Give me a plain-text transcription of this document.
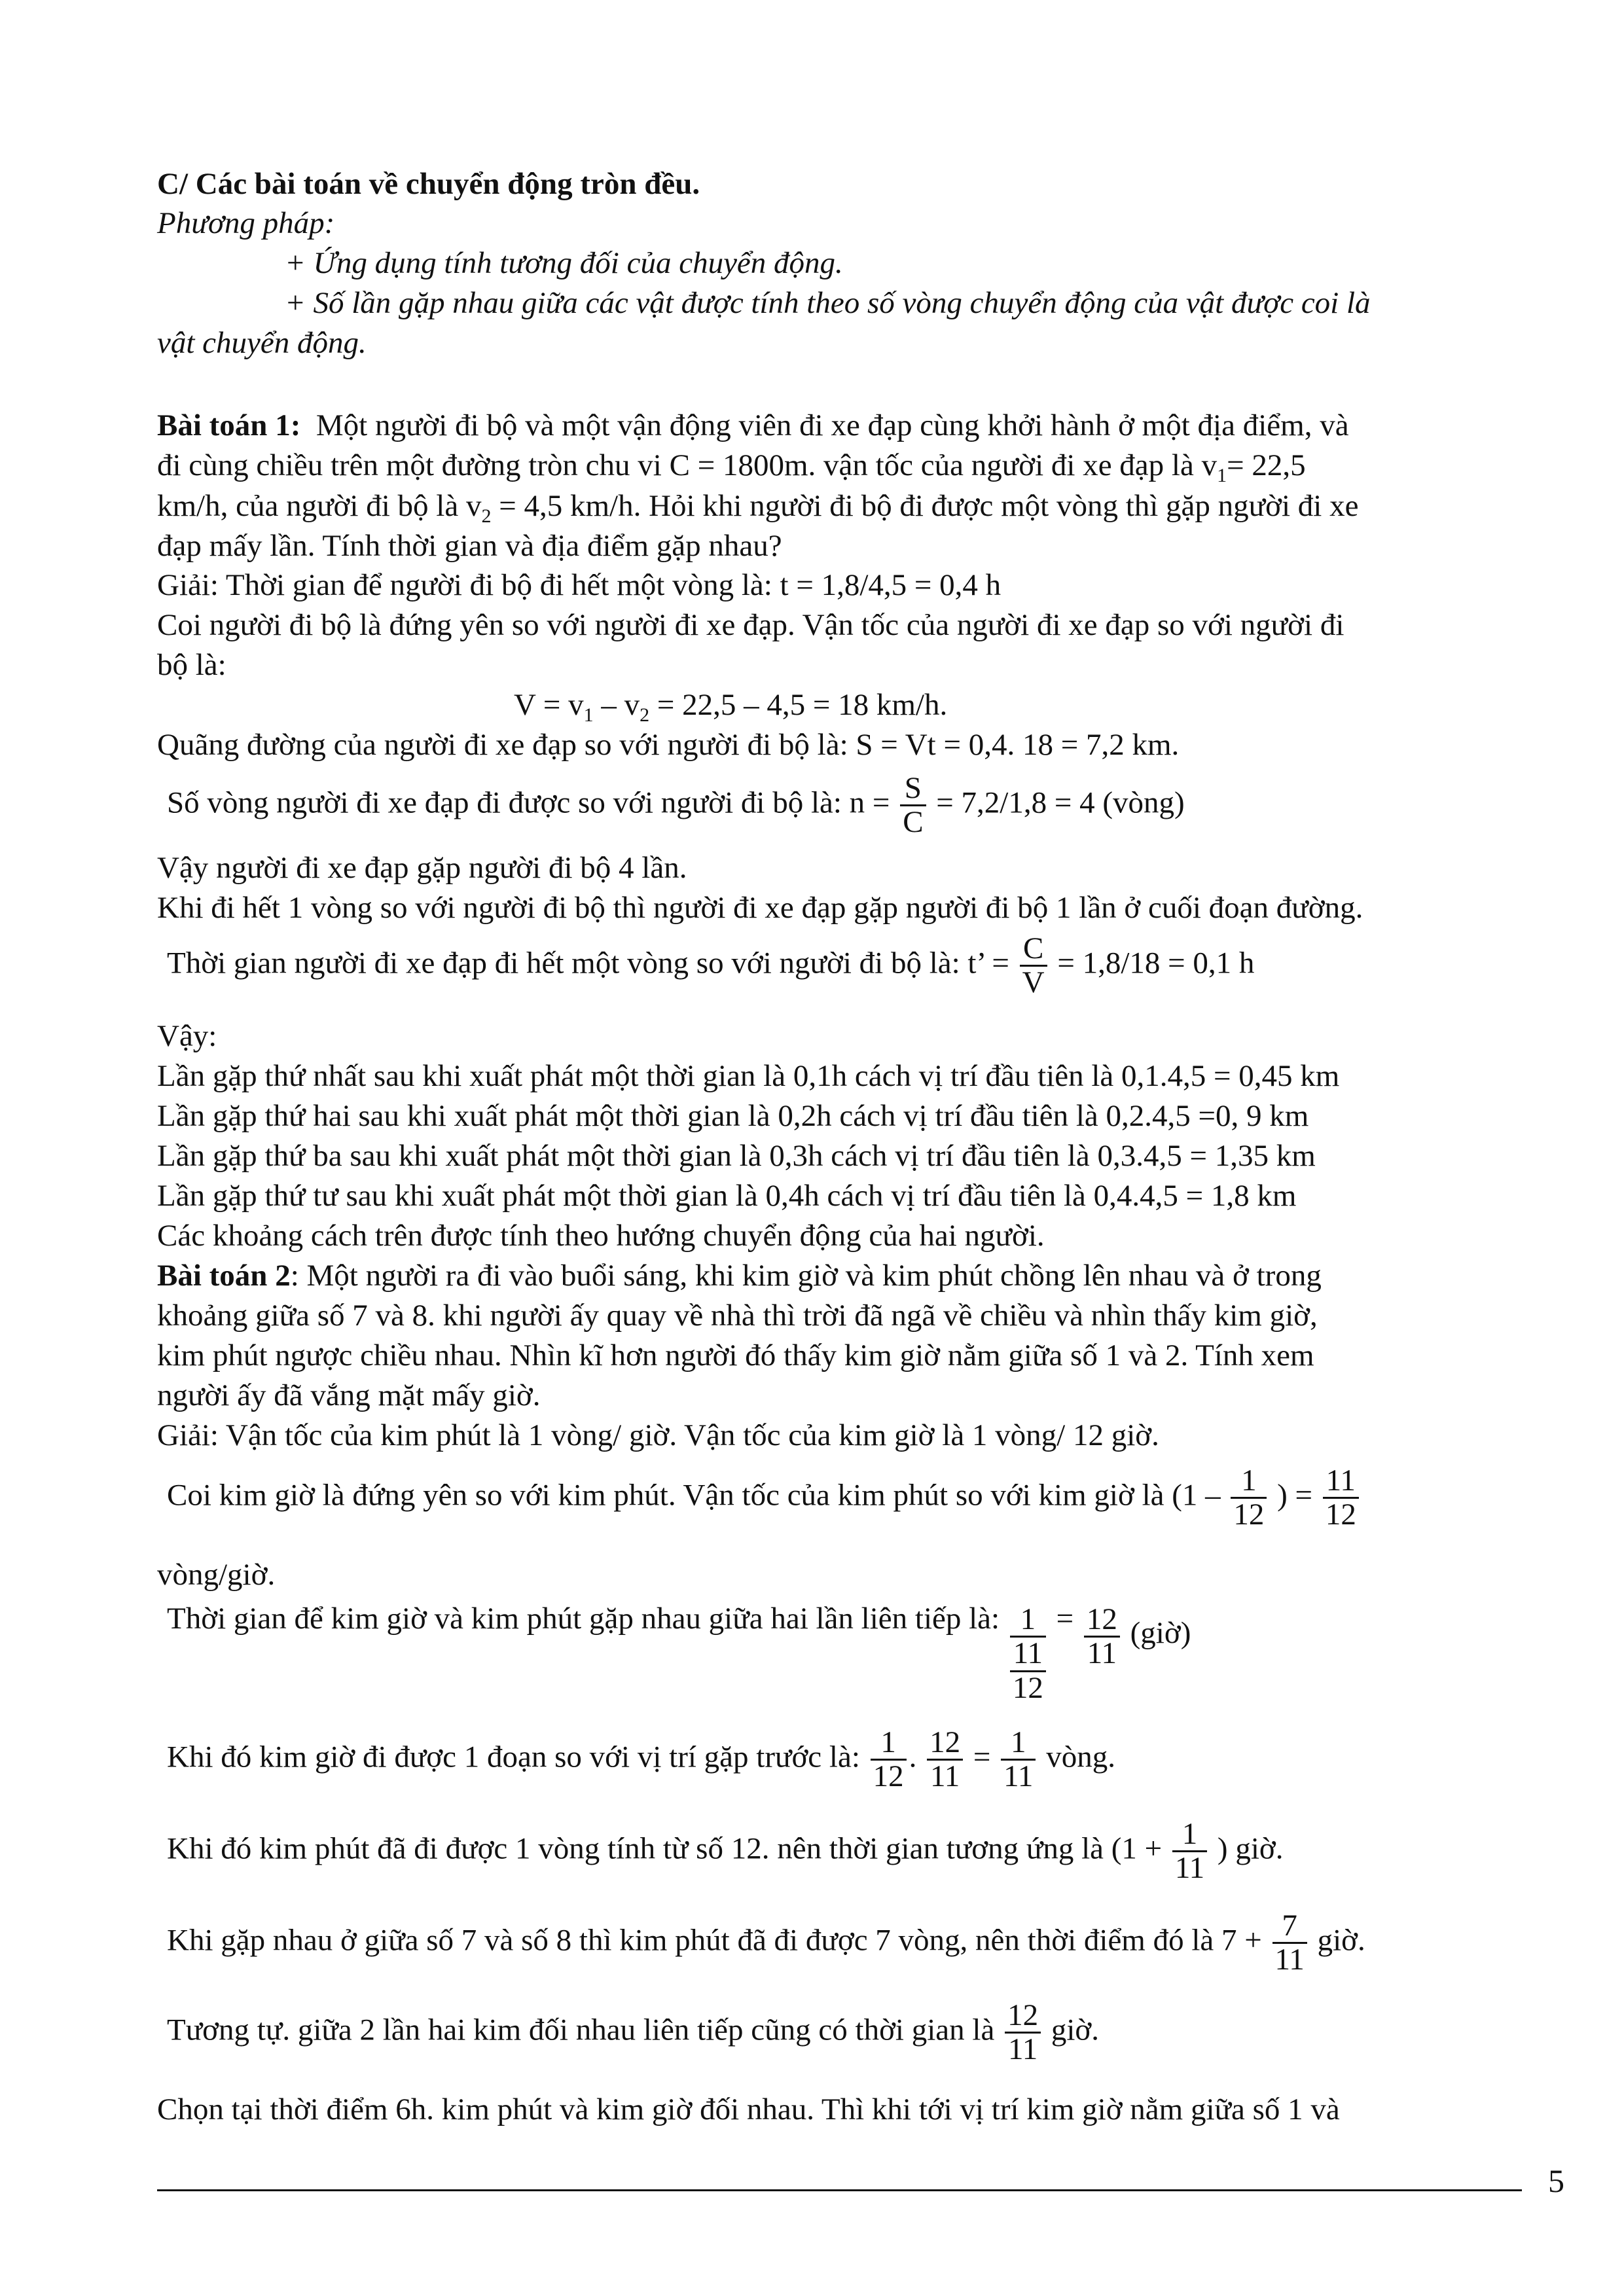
C/ Các bài toán về chuyển động tròn đều.
Phương pháp:
+ Ứng dụng tính tương đối của chuyển động.
+ Số lần gặp nhau giữa các vật được tính theo số vòng chuyển động của vật được coi là
vật chuyển động.
Bài toán 1: Một người đi bộ và một vận động viên đi xe đạp cùng khởi hành ở một địa điểm, và
đi cùng chiều trên một đường tròn chu vi C = 1800m. vận tốc của người đi xe đạp là $v_1= 22,5$
km/h, của người đi bộ là $v_2 = 4,5$ km/h. Hỏi khi người đi bộ đi được một vòng thì gặp người đi xe
đạp mấy lần. Tính thời gian và địa điểm gặp nhau?
Giải: Thời gian để người đi bộ đi hết một vòng là: t = 1,8/4,5 = 0,4 h
Coi người đi bộ là đứng yên so với người đi xe đạp. Vận tốc của người đi xe đạp so với người đi
bộ là:
$V = v_1 - v_2 = 22,5 - 4,5 = 18$ km/h.
Quãng đường của người đi xe đạp so với người đi bộ là: S = Vt = 0,4. 18 = 7,2 km.
Số vòng người đi xe đạp đi được so với người đi bộ là: $n = \frac{S}{C} = 7,2/1,8 = 4$ (vòng)
Vậy người đi xe đạp gặp người đi bộ 4 lần.
Khi đi hết 1 vòng so với người đi bộ thì người đi xe đạp gặp người đi bộ 1 lần ở cuối đoạn đường.
Thời gian người đi xe đạp đi hết một vòng so với người đi bộ là: t’ = $\frac{C}{V} = 1,8/18 = 0,1$ h
Vậy:
Lần gặp thứ nhất sau khi xuất phát một thời gian là 0,1h cách vị trí đầu tiên là 0,1.4,5 = 0,45 km
Lần gặp thứ hai sau khi xuất phát một thời gian là 0,2h cách vị trí đầu tiên là 0,2.4,5 =0, 9 km
Lần gặp thứ ba sau khi xuất phát một thời gian là 0,3h cách vị trí đầu tiên là 0,3.4,5 = 1,35 km
Lần gặp thứ tư sau khi xuất phát một thời gian là 0,4h cách vị trí đầu tiên là 0,4.4,5 = 1,8 km
Các khoảng cách trên được tính theo hướng chuyển động của hai người.
Bài toán 2: Một người ra đi vào buổi sáng, khi kim giờ và kim phút chồng lên nhau và ở trong
khoảng giữa số 7 và 8. khi người ấy quay về nhà thì trời đã ngã về chiều và nhìn thấy kim giờ,
kim phút ngược chiều nhau. Nhìn kĩ hơn người đó thấy kim giờ nằm giữa số 1 và 2. Tính xem
người ấy đã vắng mặt mấy giờ.
Giải: Vận tốc của kim phút là 1 vòng/ giờ. Vận tốc của kim giờ là 1 vòng/ 12 giờ.
Coi kim giờ là đứng yên so với kim phút. Vận tốc của kim phút so với kim giờ là ($1 - \frac{1}{12}$ ) = $\frac{11}{12}$
vòng/giờ.
Thời gian để kim giờ và kim phút gặp nhau giữa hai lần liên tiếp là: 1
11
12
= $\frac{12}{11}$ (giờ)
Khi đó kim giờ đi được 1 đoạn so với vị trí gặp trước là: $\frac{1}{12}$ . $\frac{12}{11} = \frac{1}{11}$ vòng.
Khi đó kim phút đã đi được 1 vòng tính từ số 12. nên thời gian tương ứng là ($1 + \frac{1}{11}$ ) giờ.
Khi gặp nhau ở giữa số 7 và số 8 thì kim phút đã đi được 7 vòng, nên thời điểm đó là $7 + \frac{7}{11}$ giờ.
Tương tự. giữa 2 lần hai kim đối nhau liên tiếp cũng có thời gian là $\frac{12}{11}$ giờ.
Chọn tại thời điểm 6h. kim phút và kim giờ đối nhau. Thì khi tới vị trí kim giờ nằm giữa số 1 và
5
